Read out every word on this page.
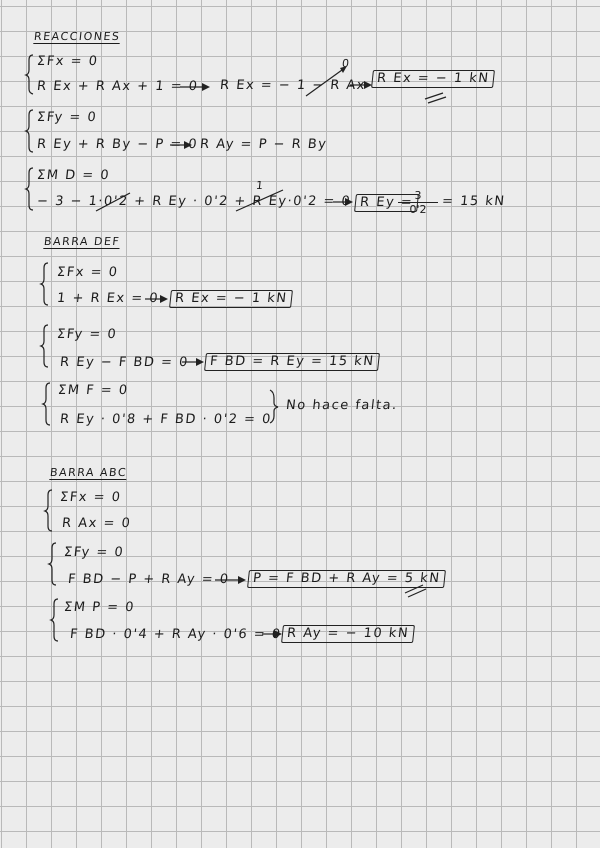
REACCIONES
ΣFx = 0	0
R Ex + R Ax + 1 = 0 R Ex = − 1 − R Ax R Ex = − 1 kN
ΣFy = 0
R Ey + R By − P = 0 R Ay = P − R By
ΣM D = 0
1
− 3 − 1·0'2 + R Ey · 0'2 + R Ey·0'2 = 0 R Ey =
$\frac{3}{0'2} = 15$ kN
BARRA DEF
ΣFx = 0
1 + R Ex = 0	R Ex = − 1 kN
ΣFy = 0
R Ey − F BD = 0	F BD = R Ey = 15 kN
ΣM F = 0
R Ey · 0'8 + F BD · 0'2 = 0
No hace falta.
BARRA ABC
ΣFx = 0
R Ax = 0
ΣFy = 0
F BD − P + R Ay = 0	P = F BD + R Ay = 5 kN
ΣM P = 0
F BD · 0'4 + R Ay · 0'6 = 0 R Ay = − 10 kN
